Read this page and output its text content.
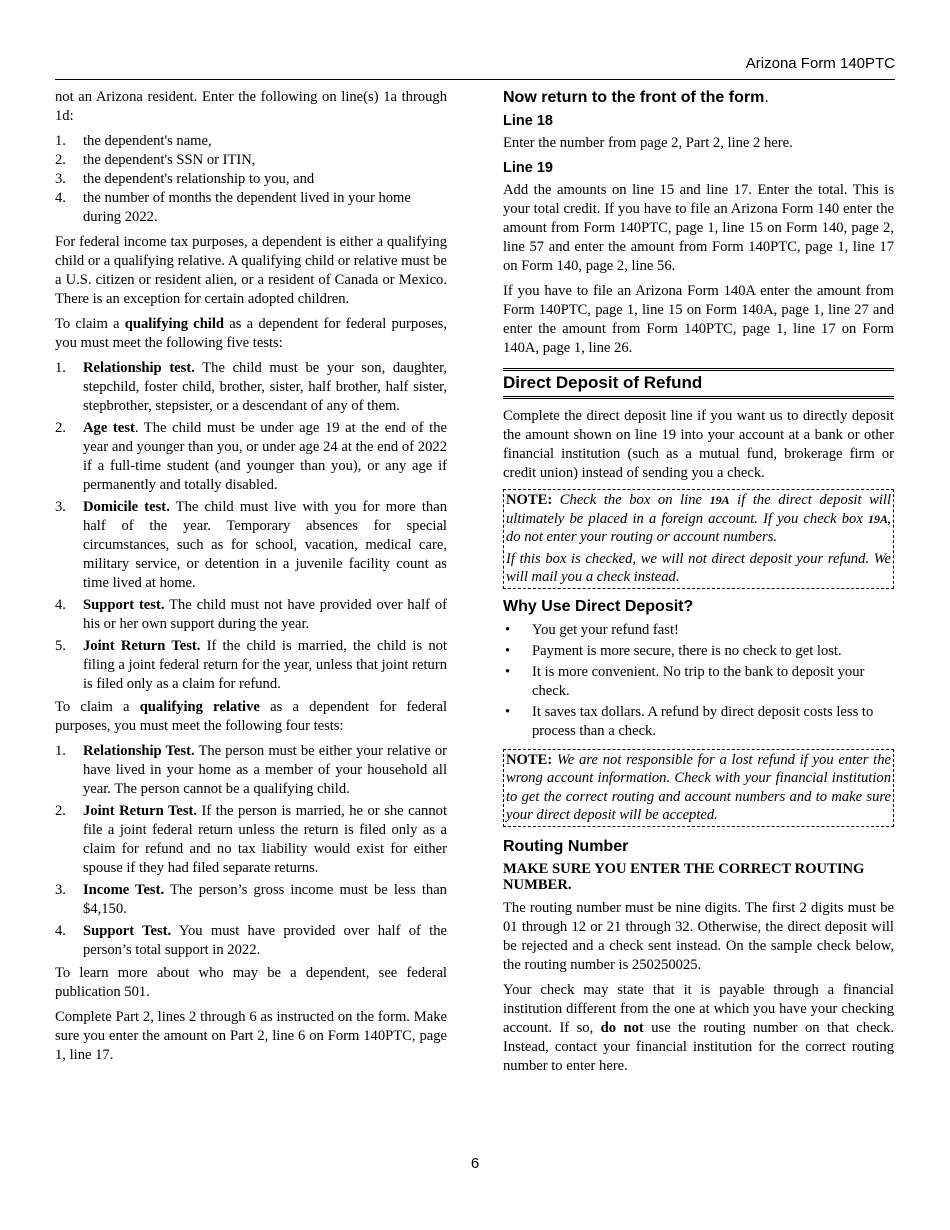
Arizona Form 140PTC

not an Arizona resident. Enter the following on line(s) 1a through 1d:

1. the dependent's name,
2. the dependent's SSN or ITIN,
3. the dependent's relationship to you, and
4. the number of months the dependent lived in your home during 2022.

For federal income tax purposes, a dependent is either a qualifying child or a qualifying relative. A qualifying child or relative must be a U.S. citizen or resident alien, or a resident of Canada or Mexico. There is an exception for certain adopted children.

To claim a qualifying child as a dependent for federal purposes, you must meet the following five tests:

1. Relationship test. The child must be your son, daughter, stepchild, foster child, brother, sister, half brother, half sister, stepbrother, stepsister, or a descendant of any of them.
2. Age test. The child must be under age 19 at the end of the year and younger than you, or under age 24 at the end of 2022 if a full-time student (and younger than you), or any age if permanently and totally disabled.
3. Domicile test. The child must live with you for more than half of the year. Temporary absences for special circumstances, such as for school, vacation, medical care, military service, or detention in a juvenile facility count as time lived at home.
4. Support test. The child must not have provided over half of his or her own support during the year.
5. Joint Return Test. If the child is married, the child is not filing a joint federal return for the year, unless that joint return is filed only as a claim for refund.

To claim a qualifying relative as a dependent for federal purposes, you must meet the following four tests:

1. Relationship Test. The person must be either your relative or have lived in your home as a member of your household all year. The person cannot be a qualifying child.
2. Joint Return Test. If the person is married, he or she cannot file a joint federal return unless the return is filed only as a claim for refund and no tax liability would exist for either spouse if they had filed separate returns.
3. Income Test. The person’s gross income must be less than $4,150.
4. Support Test. You must have provided over half of the person’s total support in 2022.

To learn more about who may be a dependent, see federal publication 501.

Complete Part 2, lines 2 through 6 as instructed on the form. Make sure you enter the amount on Part 2, line 6 on Form 140PTC, page 1, line 17.

Now return to the front of the form.
Line 18

Enter the number from page 2, Part 2, line 2 here.

Line 19

Add the amounts on line 15 and line 17. Enter the total. This is your total credit. If you have to file an Arizona Form 140 enter the amount from Form 140PTC, page 1, line 15 on Form 140, page 2, line 57 and enter the amount from Form 140PTC, page 1, line 17 on Form 140, page 2, line 56.

If you have to file an Arizona Form 140A enter the amount from Form 140PTC, page 1, line 15 on Form 140A, page 1, line 27 and enter the amount from Form 140PTC, page 1, line 17 on Form 140A, page 1, line 26.

Direct Deposit of Refund

Complete the direct deposit line if you want us to directly deposit the amount shown on line 19 into your account at a bank or other financial institution (such as a mutual fund, brokerage firm or credit union) instead of sending you a check.

NOTE: Check the box on line 19A if the direct deposit will ultimately be placed in a foreign account. If you check box 19A, do not enter your routing or account numbers.

If this box is checked, we will not direct deposit your refund. We will mail you a check instead.

Why Use Direct Deposit?
• You get your refund fast!
• Payment is more secure, there is no check to get lost.
• It is more convenient. No trip to the bank to deposit your check.
• It saves tax dollars. A refund by direct deposit costs less to process than a check.

NOTE: We are not responsible for a lost refund if you enter the wrong account information. Check with your financial institution to get the correct routing and account numbers and to make sure your direct deposit will be accepted.

Routing Number

MAKE SURE YOU ENTER THE CORRECT ROUTING NUMBER.

The routing number must be nine digits. The first 2 digits must be 01 through 12 or 21 through 32. Otherwise, the direct deposit will be rejected and a check sent instead. On the sample check below, the routing number is 250250025.

Your check may state that it is payable through a financial institution different from the one at which you have your checking account. If so, do not use the routing number on that check. Instead, contact your financial institution for the correct routing number to enter here.

6
